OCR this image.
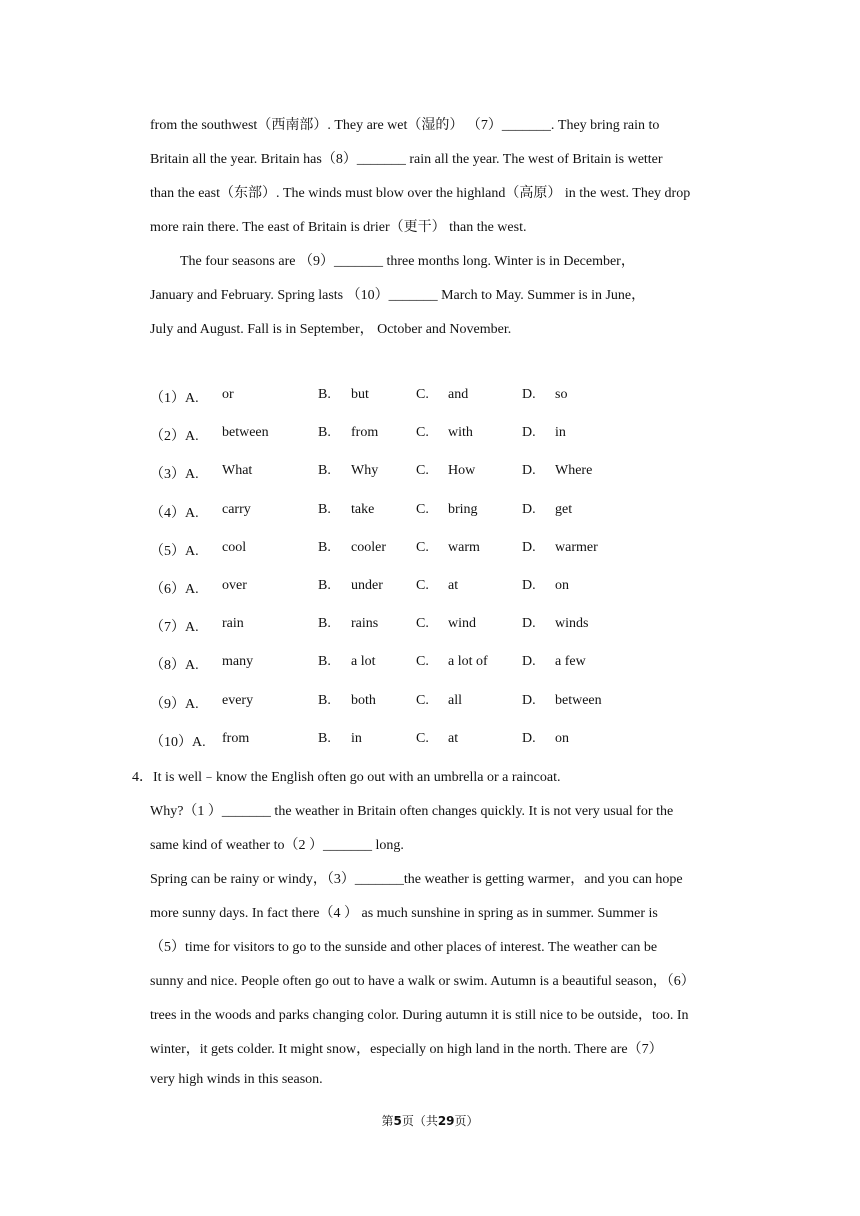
from the southwest（西南部）. They are wet（湿的） （7）_______. They bring rain to
Britain all the year. Britain has（8）_______ rain all the year. The west of Britain is wetter
than the east（东部）. The winds must blow over the highland（高原） in the west. They drop
more rain there. The east of Britain is drier（更干） than the west.
The four seasons are （9）_______ three months long. Winter is in December，
January and February. Spring lasts （10）_______ March to May. Summer is in June，
July and August. Fall is in September， October and November.
（1）A. or	B. but	C. and	D. so
（2）A. between	B. from	C. with	D. in
（3）A. What	B. Why	C. How	D. Where
（4）A. carry	B. take	C. bring	D. get
（5）A. cool	B. cooler C. warm	D. warmer
（6）A. over	B. under C. at	D. on
（7）A. rain	B. rains	C. wind	D. winds
（8）A. many	B. a lot	C. a lot of D. a few
（9）A. every	B. both	C. all	D. between
（10）A. from	B. in	C. at	D. on
4．It is well﹣know the English often go out with an umbrella or a raincoat.
Why?（1 ）_______ the weather in Britain often changes quickly. It is not very usual for the
same kind of weather to（2 ）_______ long.
Spring can be rainy or windy，（3）_______the weather is getting warmer，and you can hope
more sunny days. In fact there（4 ） as much sunshine in spring as in summer. Summer is
（5）time for visitors to go to the sunside and other places of interest. The weather can be
sunny and nice. People often go out to have a walk or swim. Autumn is a beautiful season，（6）
trees in the woods and parks changing color. During autumn it is still nice to be outside，too. In
winter，it gets colder. It might snow，especially on high land in the north. There are（7）
very high winds in this season.
第5页（共29页）
